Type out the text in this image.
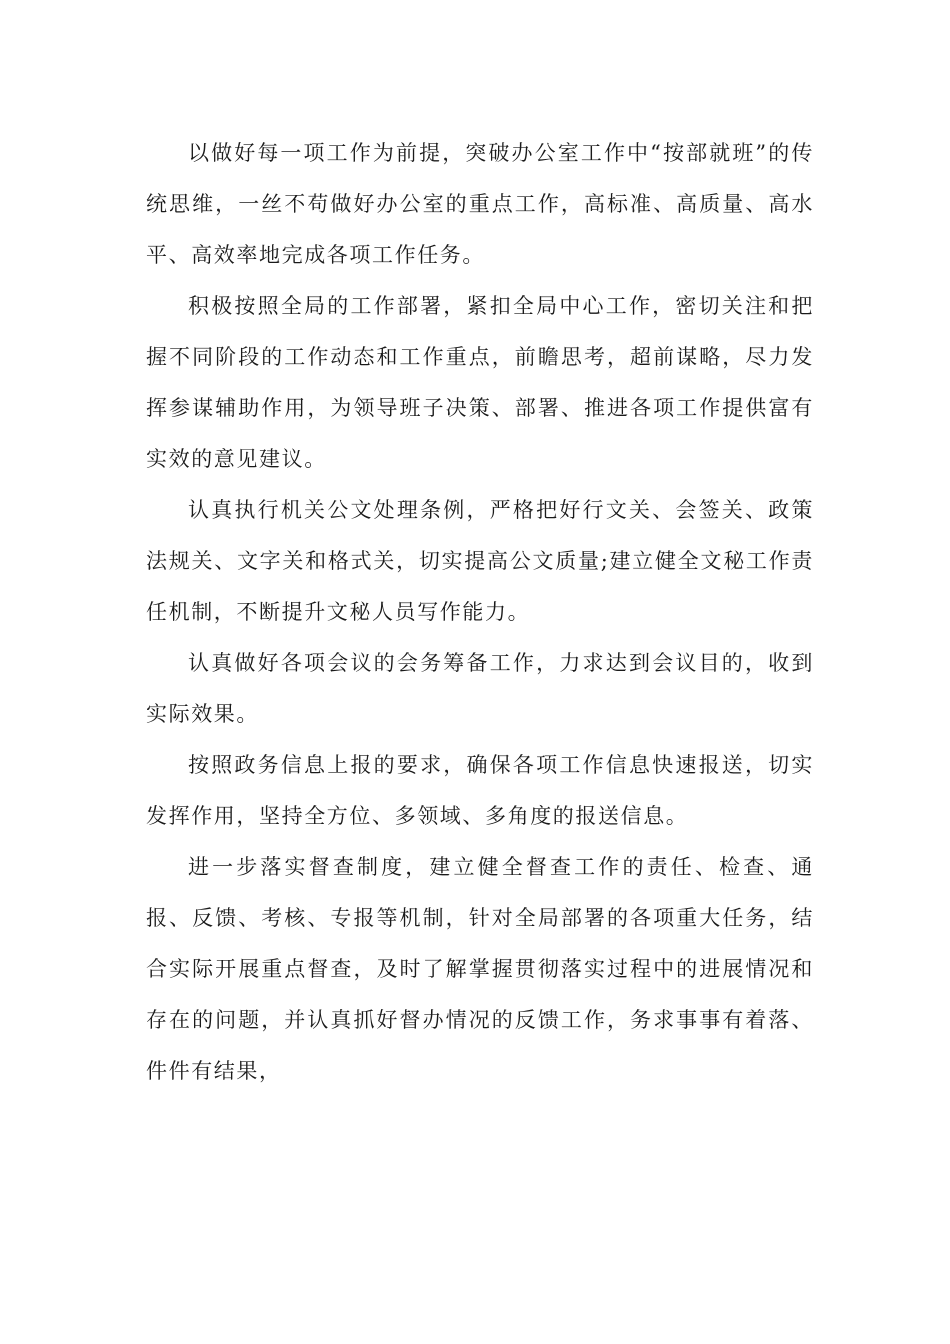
以做好每一项工作为前提，突破办公室工作中“按部就班”的传统思维，一丝不苟做好办公室的重点工作，高标准、高质量、高水平、高效率地完成各项工作任务。

积极按照全局的工作部署，紧扣全局中心工作，密切关注和把握不同阶段的工作动态和工作重点，前瞻思考，超前谋略，尽力发挥参谋辅助作用，为领导班子决策、部署、推进各项工作提供富有实效的意见建议。

认真执行机关公文处理条例，严格把好行文关、会签关、政策法规关、文字关和格式关，切实提高公文质量;建立健全文秘工作责任机制，不断提升文秘人员写作能力。

认真做好各项会议的会务筹备工作，力求达到会议目的，收到实际效果。

按照政务信息上报的要求，确保各项工作信息快速报送，切实发挥作用，坚持全方位、多领域、多角度的报送信息。

进一步落实督查制度，建立健全督查工作的责任、检查、通报、反馈、考核、专报等机制，针对全局部署的各项重大任务，结合实际开展重点督查，及时了解掌握贯彻落实过程中的进展情况和存在的问题，并认真抓好督办情况的反馈工作，务求事事有着落、件件有结果，
